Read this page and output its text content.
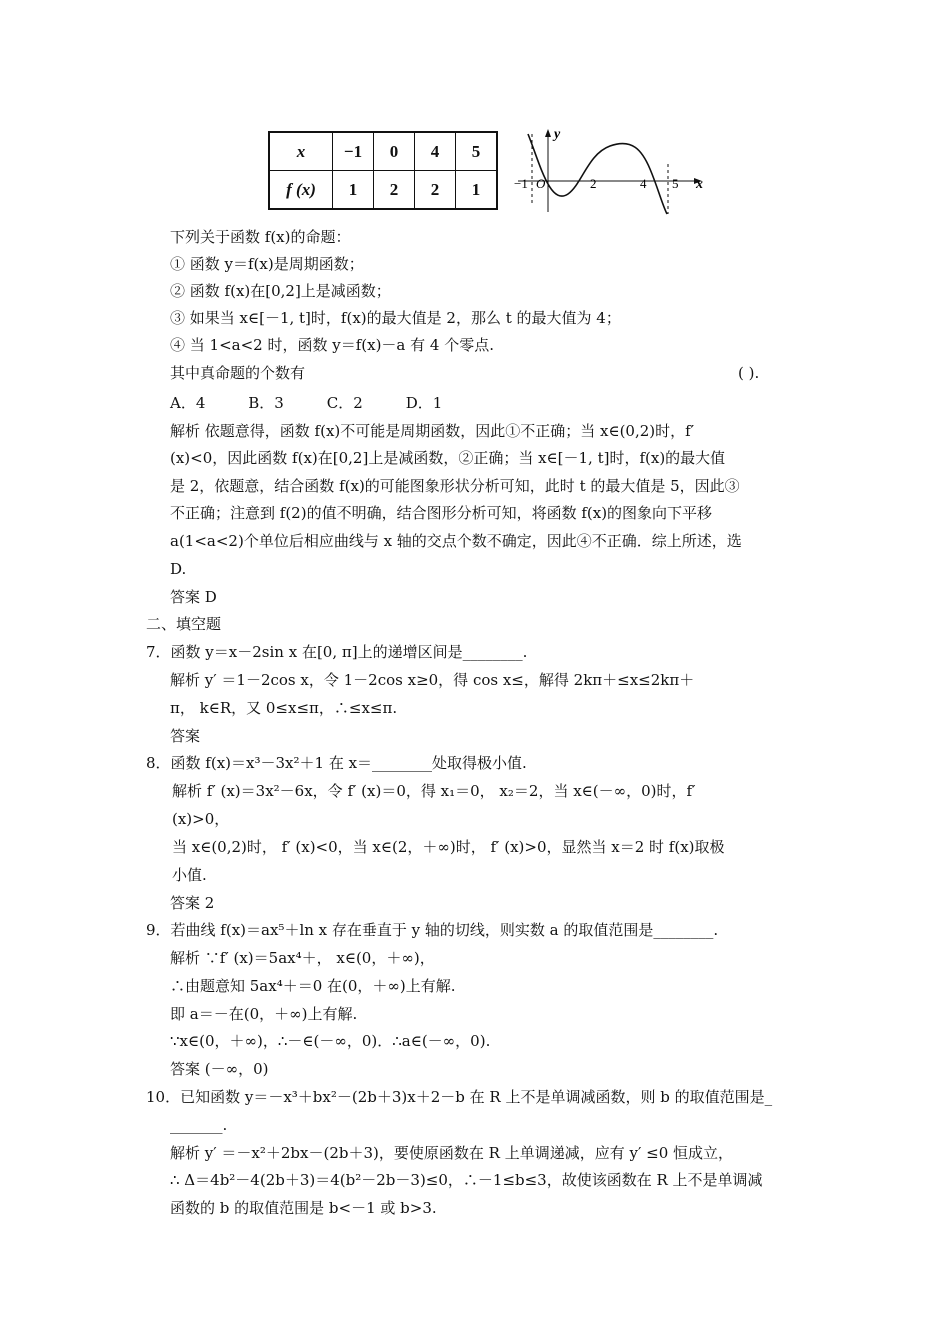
x	−1	0	4	5
f (x)	1	2	2	1
y
x
O
−1	2	4 5
下列关于函数 f(x)的命题：
① 函数 y＝f(x)是周期函数；
② 函数 f(x)在[0,2]上是减函数；
③ 如果当 x∈[－1, t]时，f(x)的最大值是 2，那么 t 的最大值为 4；
④ 当 1<a<2 时，函数 y＝f(x)－a 有 4 个零点.
其中真命题的个数有	( ).
A．4         B．3         C．2         D．1
解析 依题意得，函数 f(x)不可能是周期函数，因此①不正确；当 x∈(0,2)时，f′
(x)<0，因此函数 f(x)在[0,2]上是减函数，②正确；当 x∈[－1, t]时，f(x)的最大值
是 2，依题意，结合函数 f(x)的可能图象形状分析可知，此时 t 的最大值是 5，因此③
不正确；注意到 f(2)的值不明确，结合图形分析可知，将函数 f(x)的图象向下平移
a(1<a<2)个单位后相应曲线与 x 轴的交点个数不确定，因此④不正确．综上所述，选
D.
答案 D
二、填空题
7．函数 y＝x－2sin x 在[0, π]上的递增区间是________.
解析 y′ ＝1－2cos x，令 1－2cos x≥0，得 cos x≤，解得 2kπ＋≤x≤2kπ＋
π， k∈R，又 0≤x≤π，∴≤x≤π.
答案
8．函数 f(x)＝x³－3x²＋1 在 x＝________处取得极小值.
解析 f′ (x)＝3x²－6x，令 f′ (x)＝0，得 x₁＝0， x₂＝2，当 x∈(－∞，0)时，f′
(x)>0，
当 x∈(0,2)时， f′ (x)<0，当 x∈(2，＋∞)时， f′ (x)>0，显然当 x＝2 时 f(x)取极
小值.
答案 2
9．若曲线 f(x)＝ax⁵＋ln x 存在垂直于 y 轴的切线，则实数 a 的取值范围是________.
解析 ∵f′ (x)＝5ax⁴＋， x∈(0，＋∞)，
∴由题意知 5ax⁴＋＝0 在(0，＋∞)上有解.
即 a＝－在(0，＋∞)上有解.
∵x∈(0，＋∞)，∴－∈(－∞，0)．∴a∈(－∞，0).
答案 (－∞，0)
10．已知函数 y＝－x³＋bx²－(2b＋3)x＋2－b 在 R 上不是单调减函数，则 b 的取值范围是_
_______.
解析 y′ ＝－x²＋2bx－(2b＋3)，要使原函数在 R 上单调递减，应有 y′ ≤0 恒成立，
∴ Δ＝4b²－4(2b＋3)＝4(b²－2b－3)≤0，∴－1≤b≤3，故使该函数在 R 上不是单调减
函数的 b 的取值范围是 b<－1 或 b>3.
